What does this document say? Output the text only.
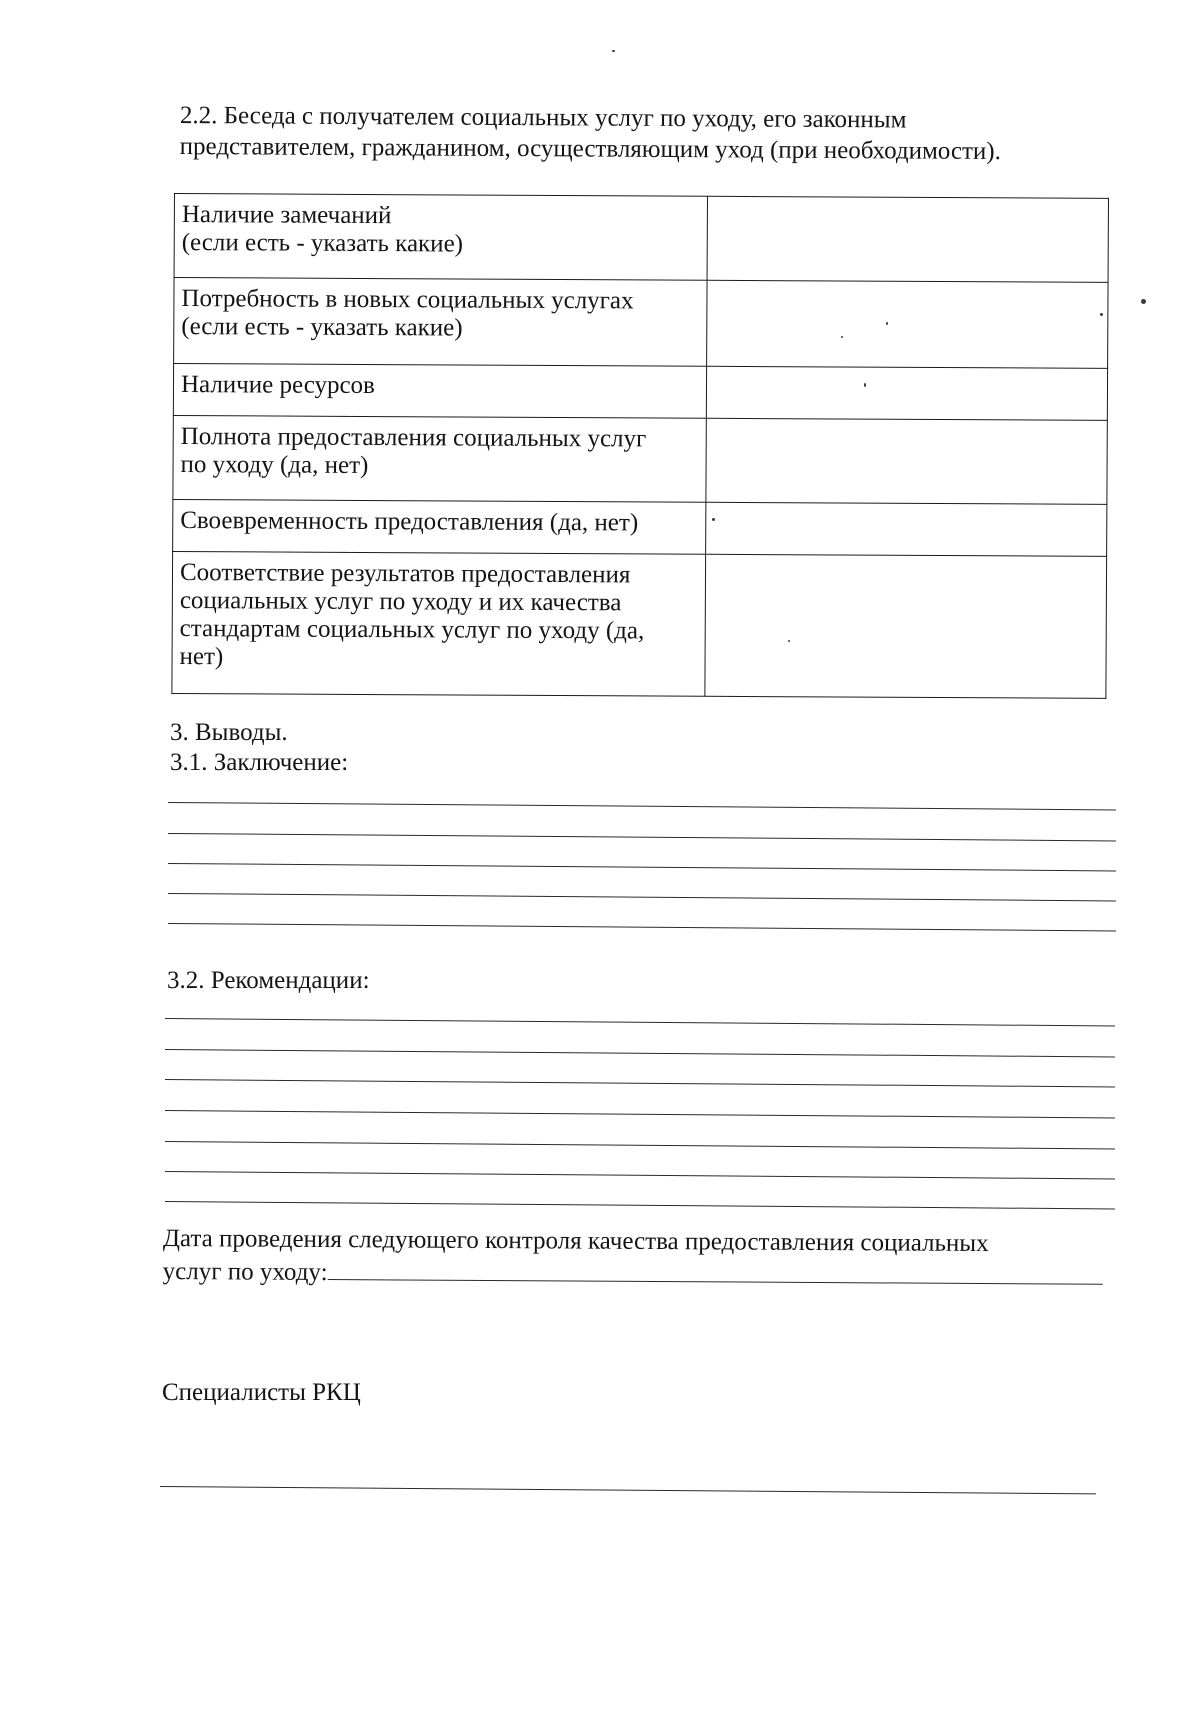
2.2. Беседа с получателем социальных услуг по уходу, его законным
представителем, гражданином, осуществляющим уход (при необходимости).
Наличие замечаний
(если есть - указать какие)	

Потребность в новых социальных услугах
(если есть - указать какие)	

Наличие ресурсов	

Полнота предоставления социальных услуг
по уходу (да, нет)	

Своевременность предоставления (да, нет)	

Соответствие результатов предоставления
социальных услуг по уходу и их качества
стандартам социальных услуг по уходу (да,
нет)	

3. Выводы.
3.1. Заключение:
3.2. Рекомендации:
Дата проведения следующего контроля качества предоставления социальных
услуг по уходу:
Специалисты РКЦ
